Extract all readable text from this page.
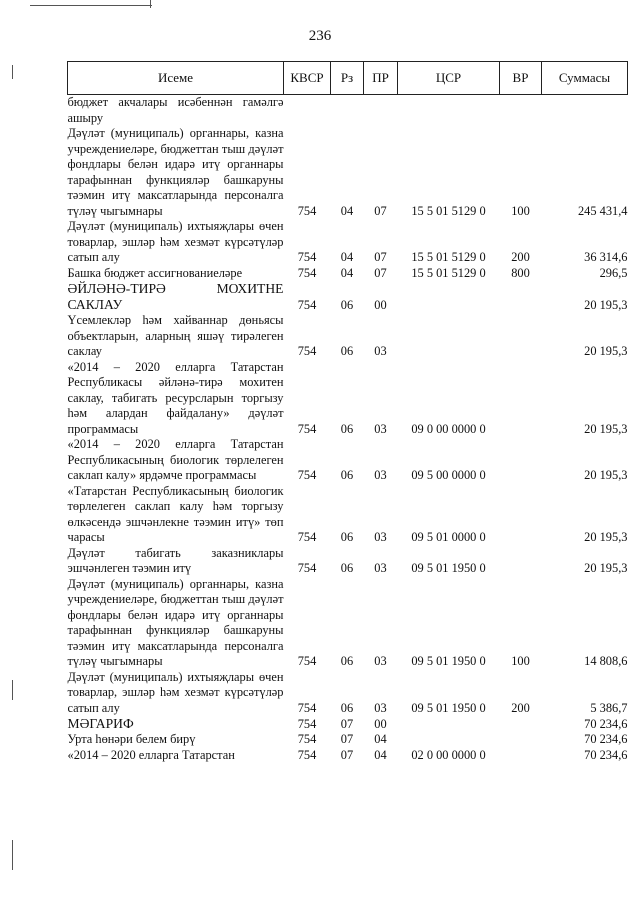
236
Исеме	КВСР	Рз	ПР	ЦСР	ВР	Суммасы
бюджет акчалары исәбеннән гамәлгә ашыру						
Дәүләт (муниципаль) органнары, казна учреждениеләре, бюджеттан тыш дәүләт фондлары белән идарә итү органнары тарафыннан функцияләр башкаруны тәэмин итү максатларында персоналга түләү чыгымнары	754	04	07	15 5 01 5129 0	100	245 431,4
Дәүләт (муниципаль) ихтыяҗлары өчен товарлар, эшләр һәм хезмәт күрсәтүләр сатып алу	754	04	07	15 5 01 5129 0	200	36 314,6
Башка бюджет ассигнованиеләре	754	04	07	15 5 01 5129 0	800	296,5
ӘЙЛӘНӘ-ТИРӘ МОХИТНЕ САКЛАУ	754	06	00			20 195,3
Үсемлекләр һәм хайваннар дөньясы объектларын, аларның яшәү тирәлеген саклау	754	06	03			20 195,3
«2014 – 2020 елларга Татарстан Республикасы әйләнә-тирә мохитен саклау, табигать ресурсларын торгызу һәм алардан файдалану» дәүләт программасы	754	06	03	09 0 00 0000 0		20 195,3
«2014 – 2020 елларга Татарстан Республикасының биологик төрлелеген саклап калу» ярдәмче программасы	754	06	03	09 5 00 0000 0		20 195,3
«Татарстан Республикасының биологик төрлелеген саклап калу һәм торгызу өлкәсендә эшчәнлекне тәэмин итү» төп чарасы	754	06	03	09 5 01 0000 0		20 195,3
Дәүләт табигать заказниклары эшчәнлеген тәэмин итү	754	06	03	09 5 01 1950 0		20 195,3
Дәүләт (муниципаль) органнары, казна учреждениеләре, бюджеттан тыш дәүләт фондлары белән идарә итү органнары тарафыннан функцияләр башкаруны тәэмин итү максатларында персоналга түләү чыгымнары	754	06	03	09 5 01 1950 0	100	14 808,6
Дәүләт (муниципаль) ихтыяҗлары өчен товарлар, эшләр һәм хезмәт күрсәтүләр сатып алу	754	06	03	09 5 01 1950 0	200	5 386,7
МӘГАРИФ	754	07	00			70 234,6
Урта һөнәри белем бирү	754	07	04			70 234,6
«2014 – 2020 елларга Татарстан	754	07	04	02 0 00 0000 0		70 234,6
